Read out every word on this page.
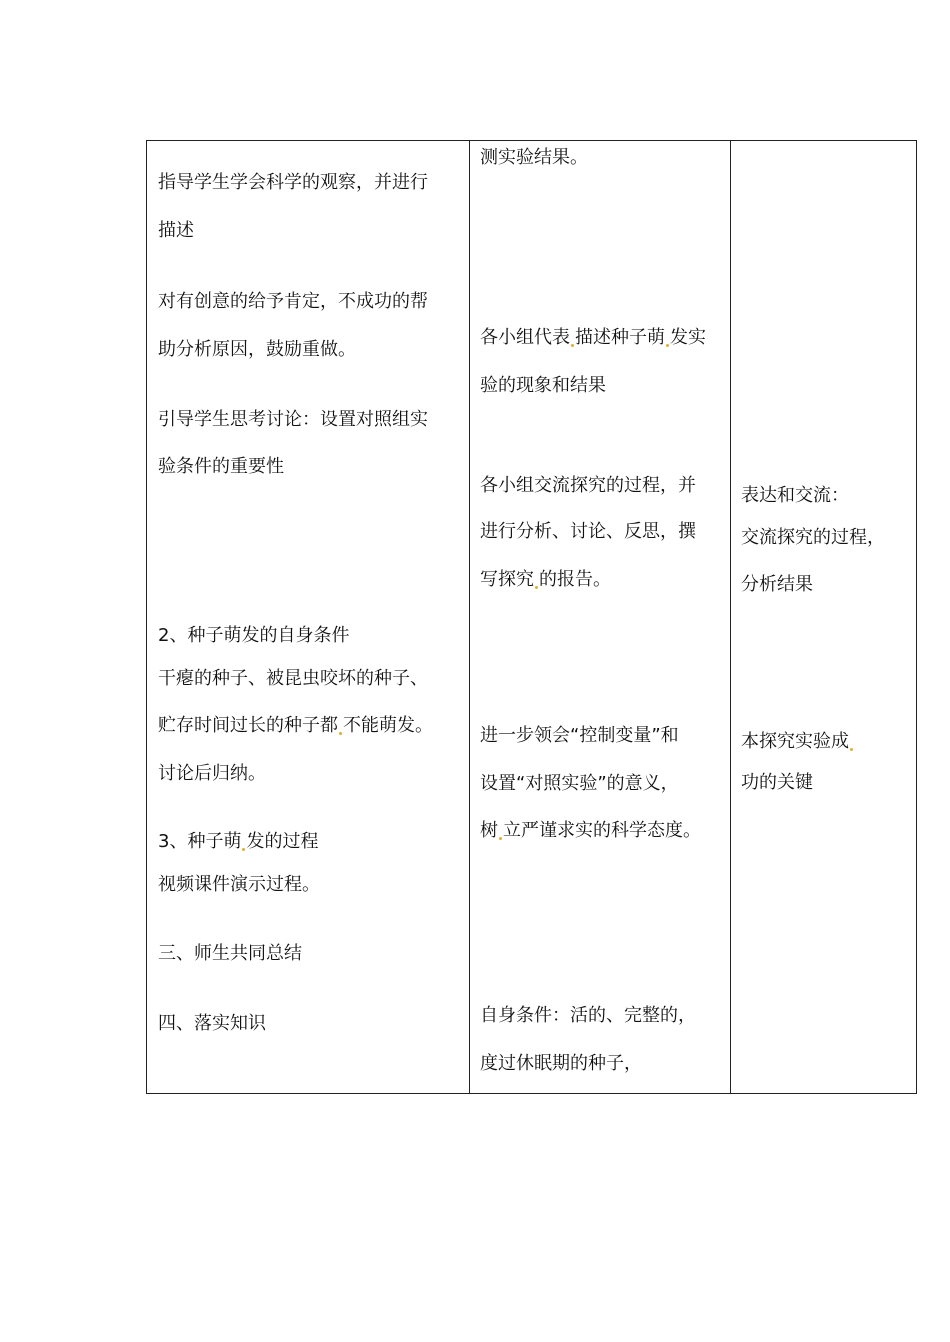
指导学生学会科学的观察，并进行
描述
对有创意的给予肯定，不成功的帮
助分析原因，鼓励重做。
引导学生思考讨论：设置对照组实
验条件的重要性
2、种子萌发的自身条件
干瘪的种子、被昆虫咬坏的种子、
贮存时间过长的种子都 不能萌发。
讨论后归纳。
3、种子萌 发的过程
视频课件演示过程。
三、师生共同总结
四、落实知识
测实验结果。
各小组代表 描述种子萌 发实
验的现象和结果
各小组交流探究的过程，并
进行分析、讨论、反思，撰
写探究 的报告。
进一步领会“控制变量”和
设置“对照实验”的意义，
树 立严谨求实的科学态度。
自身条件：活的、完整的，
度过休眠期的种子，
表达和交流：
交流探究的过程，
分析结果
本探究实验成
功的关键
